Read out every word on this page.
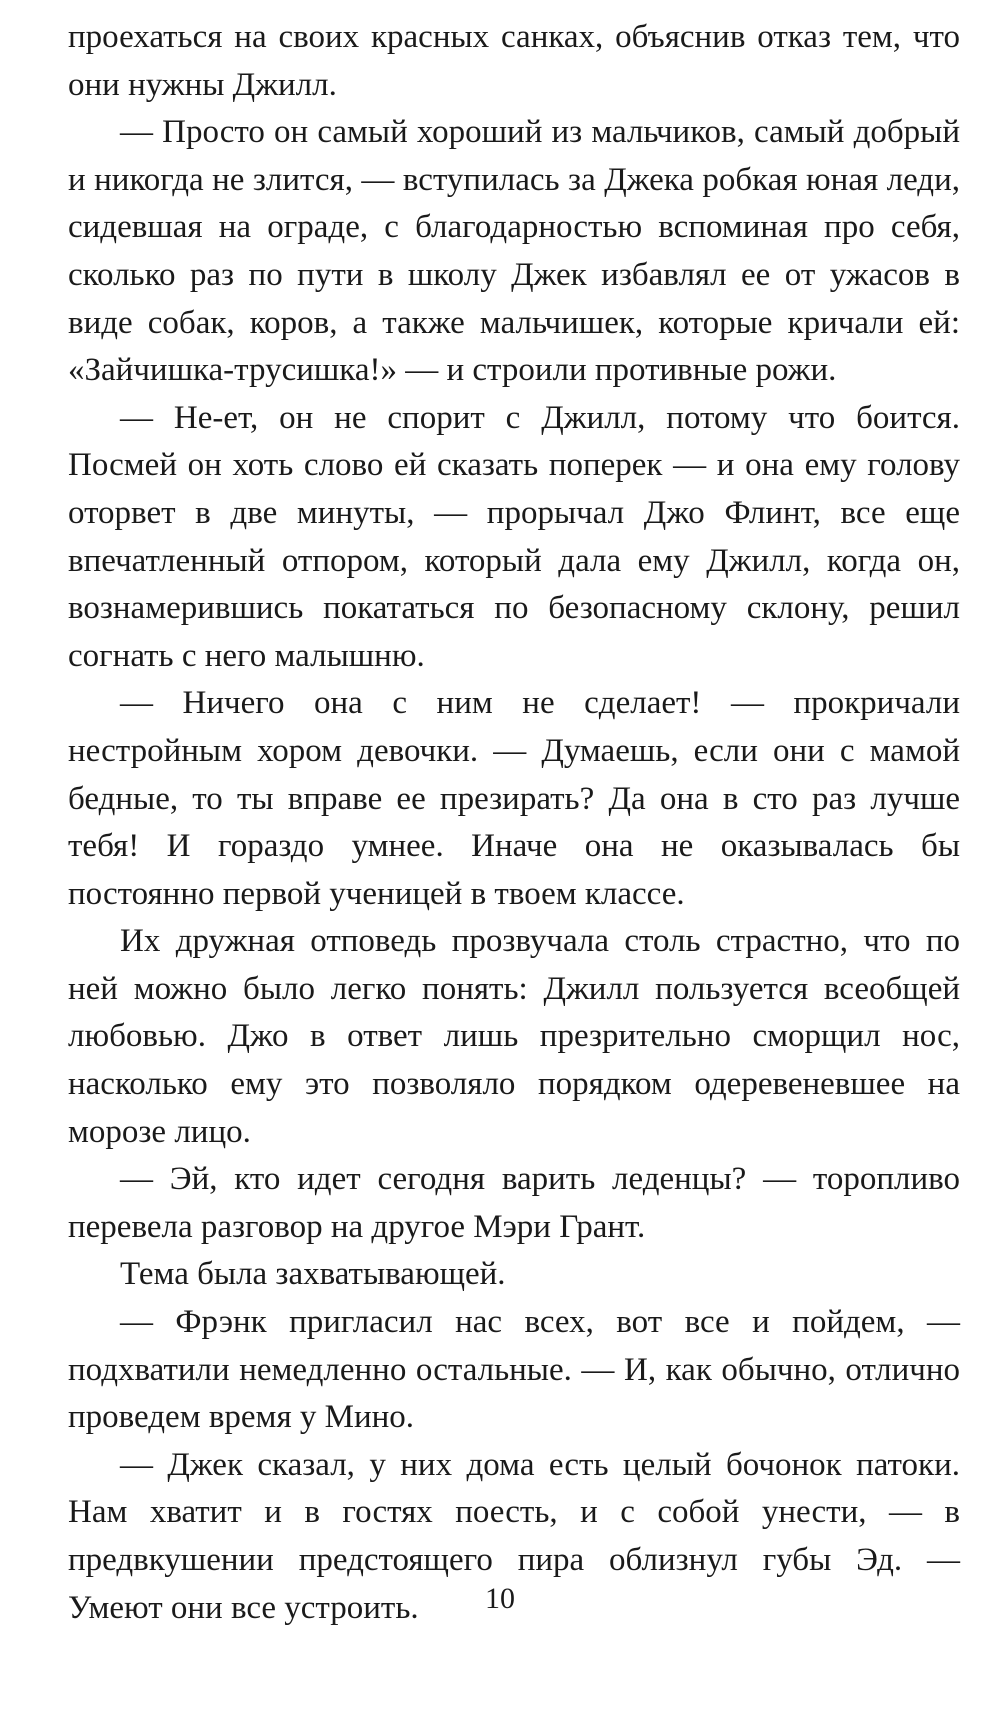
проехаться на своих красных санках, объяснив отказ тем, что они нужны Джилл.

— Просто он самый хороший из мальчиков, самый добрый и никогда не злится, — вступилась за Джека робкая юная леди, сидевшая на ограде, с благодарностью вспоминая про себя, сколько раз по пути в школу Джек избавлял ее от ужасов в виде собак, коров, а также мальчишек, которые кричали ей: «Зайчишка-трусишка!» — и строили противные рожи.

— Не-ет, он не спорит с Джилл, потому что боится. Посмей он хоть слово ей сказать поперек — и она ему голову оторвет в две минуты, — прорычал Джо Флинт, все еще впечатленный отпором, который дала ему Джилл, когда он, вознамерившись покататься по безопасному склону, решил согнать с него малышню.

— Ничего она с ним не сделает! — прокричали нестройным хором девочки. — Думаешь, если они с мамой бедные, то ты вправе ее презирать? Да она в сто раз лучше тебя! И гораздо умнее. Иначе она не оказывалась бы постоянно первой ученицей в твоем классе.

Их дружная отповедь прозвучала столь страстно, что по ней можно было легко понять: Джилл пользуется всеобщей любовью. Джо в ответ лишь презрительно сморщил нос, насколько ему это позволяло порядком одеревеневшее на морозе лицо.

— Эй, кто идет сегодня варить леденцы? — торопливо перевела разговор на другое Мэри Грант.

Тема была захватывающей.

— Фрэнк пригласил нас всех, вот все и пойдем, — подхватили немедленно остальные. — И, как обычно, отлично проведем время у Мино.

— Джек сказал, у них дома есть целый бочонок патоки. Нам хватит и в гостях поесть, и с собой унести, — в предвкушении предстоящего пира облизнул губы Эд. — Умеют они все устроить.	10
